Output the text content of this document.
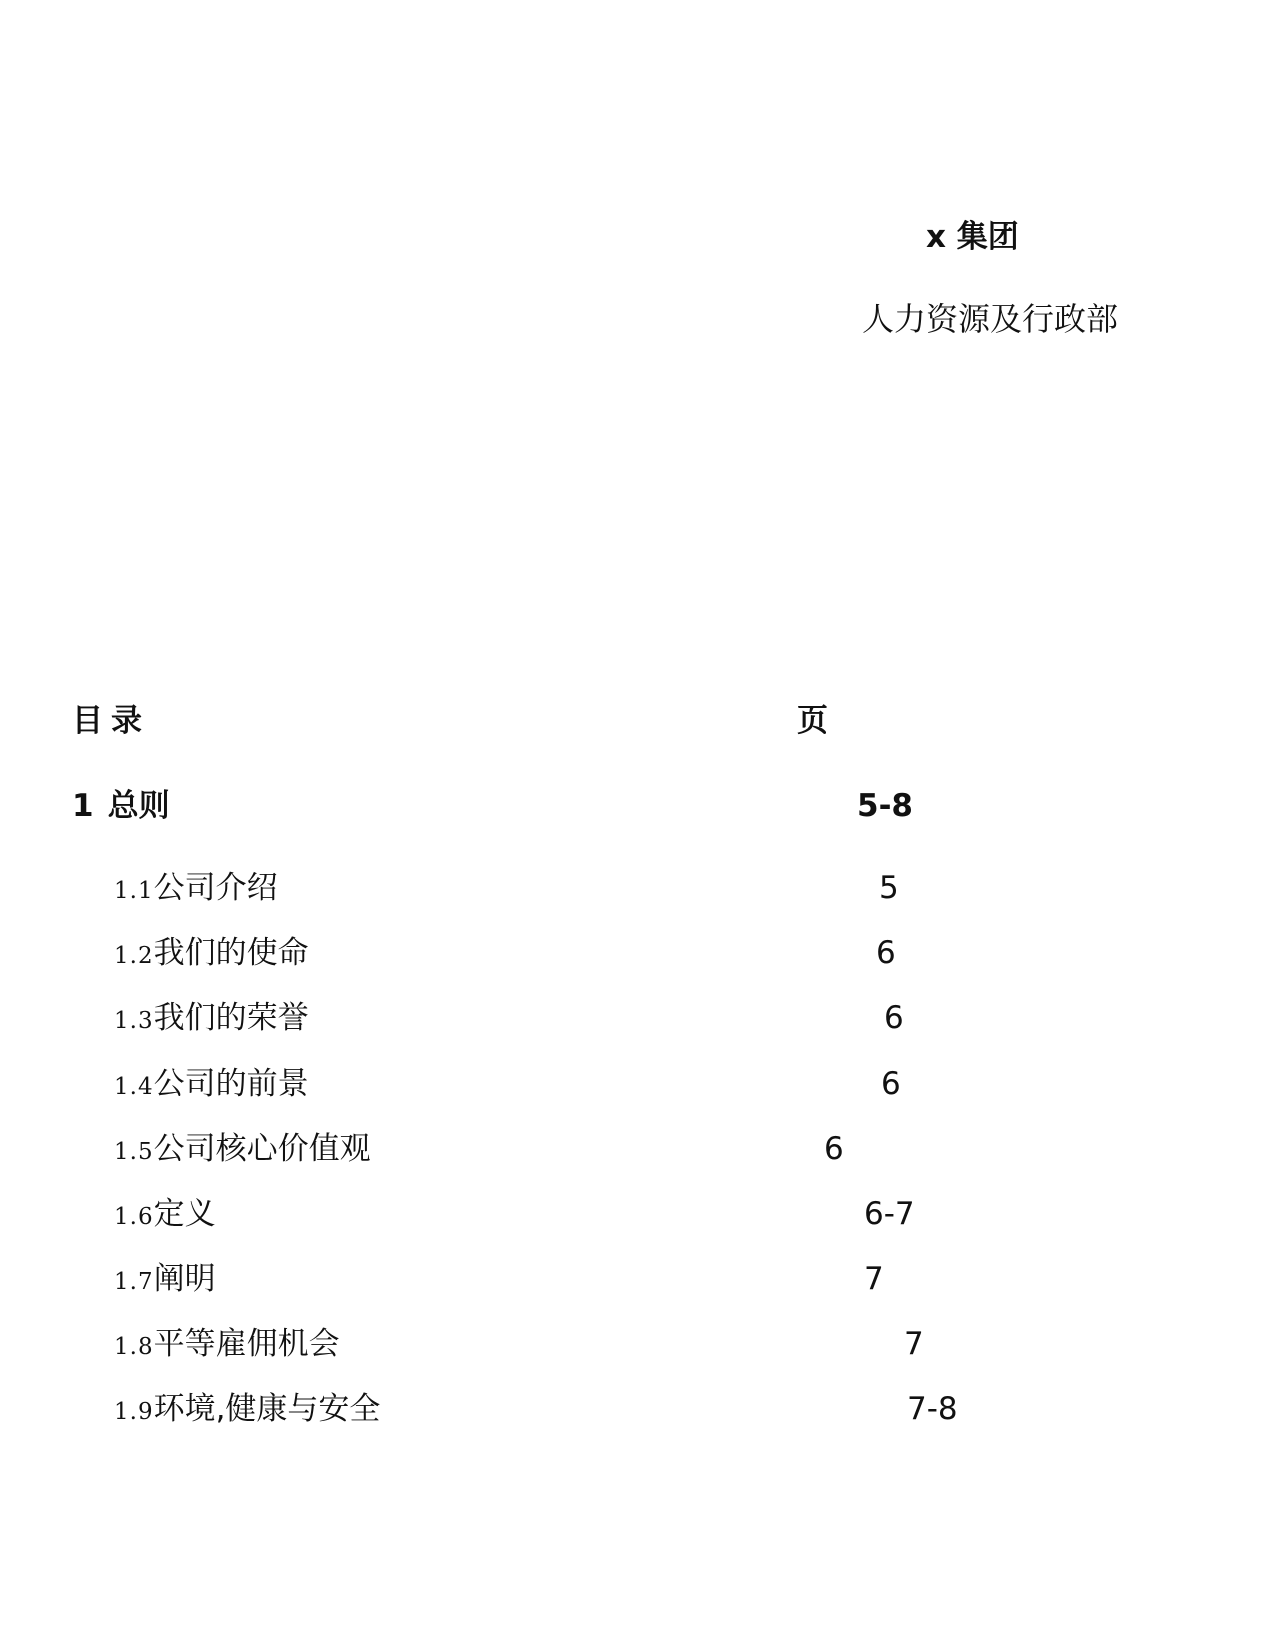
x 集团
人力资源及行政部
目录	页
1 总则	5-8
1.1公司介绍	5
1.2我们的使命	6
1.3我们的荣誉	6
1.4公司的前景	6
1.5公司核心价值观	6
1.6定义	6-7
1.7阐明	7
1.8平等雇佣机会	7
1.9环境,健康与安全	7-8
